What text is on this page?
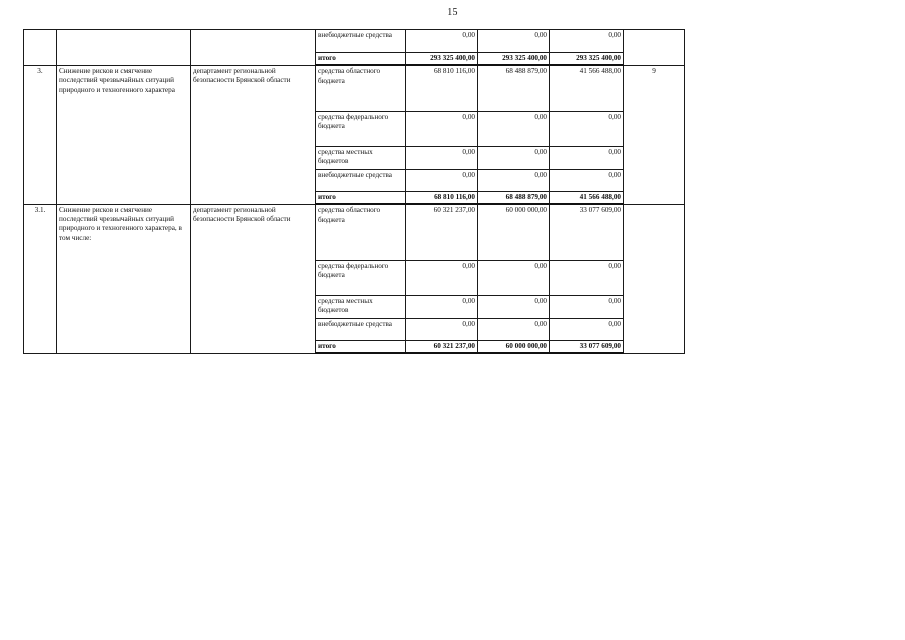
15
			внебюджетные средства	0,00	0,00	0,00	
			итого	293 325 400,00	293 325 400,00	293 325 400,00	
3.	Снижение рисков и смягчение последствий чрезвычайных ситуаций природного и техногенного характера	департамент региональной безопасности Брянской области	средства областного бюджета	68 810 116,00	68 488 879,00	41 566 488,00	9
			средства федерального бюджета	0,00	0,00	0,00	
			средства местных бюджетов	0,00	0,00	0,00	
			внебюджетные средства	0,00	0,00	0,00	
			итого	68 810 116,00	68 488 879,00	41 566 488,00	
3.1.	Снижение рисков и смягчение последствий чрезвычайных ситуаций природного и техногенного характера, в том числе:	департамент региональной безопасности Брянской области	средства областного бюджета	60 321 237,00	60 000 000,00	33 077 609,00	
			средства федерального бюджета	0,00	0,00	0,00	
			средства местных бюджетов	0,00	0,00	0,00	
			внебюджетные средства	0,00	0,00	0,00	
			итого	60 321 237,00	60 000 000,00	33 077 609,00	
